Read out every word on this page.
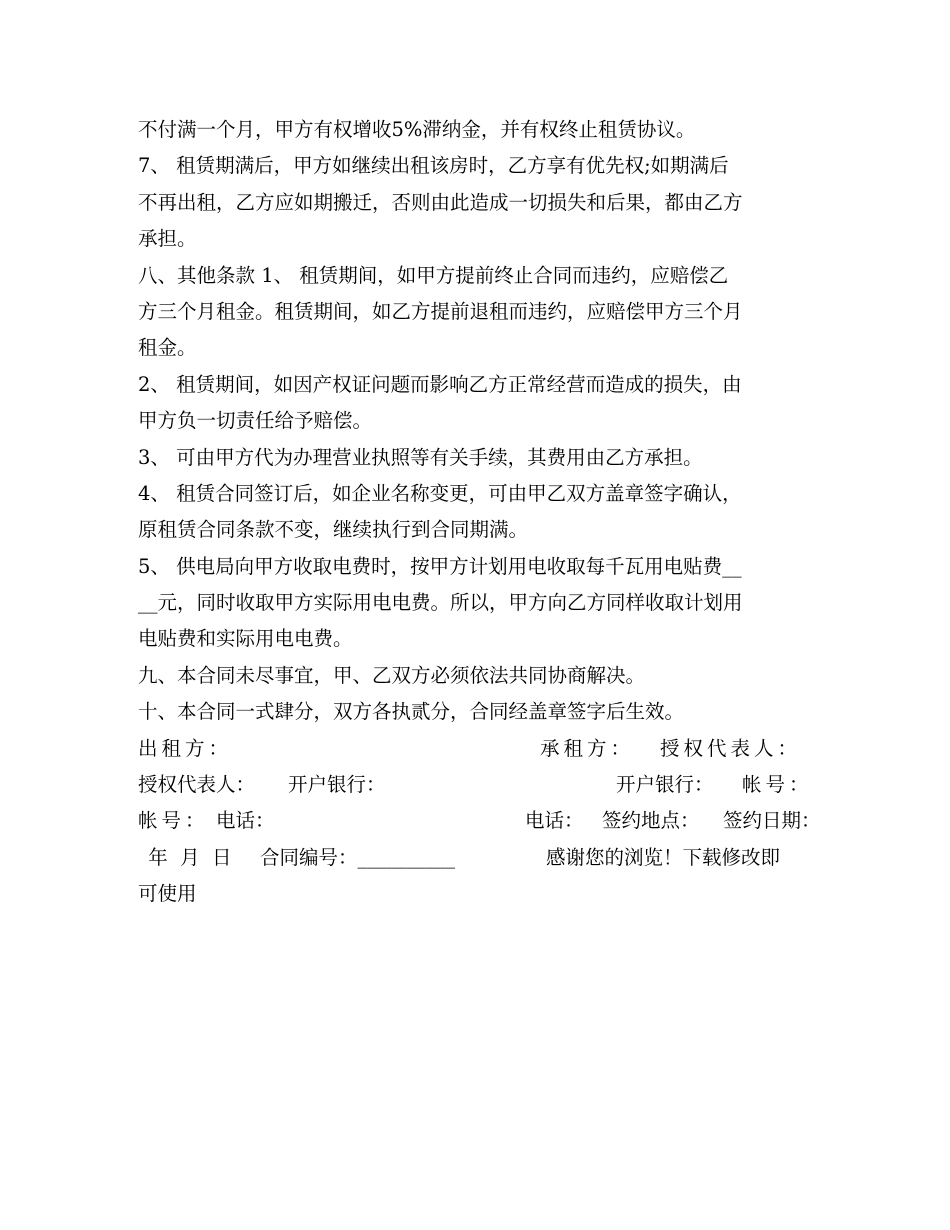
不付满一个月，甲方有权增收5%滞纳金，并有权终止租赁协议。
7、 租赁期满后，甲方如继续出租该房时，乙方享有优先权;如期满后
不再出租，乙方应如期搬迁，否则由此造成一切损失和后果，都由乙方
承担。
八、其他条款 1、 租赁期间，如甲方提前终止合同而违约，应赔偿乙
方三个月租金。租赁期间，如乙方提前退租而违约，应赔偿甲方三个月
租金。
2、 租赁期间，如因产权证问题而影响乙方正常经营而造成的损失，由
甲方负一切责任给予赔偿。
3、 可由甲方代为办理营业执照等有关手续，其费用由乙方承担。
4、 租赁合同签订后，如企业名称变更，可由甲乙双方盖章签字确认，
原租赁合同条款不变，继续执行到合同期满。
5、 供电局向甲方收取电费时，按甲方计划用电收取每千瓦用电贴费__
__元，同时收取甲方实际用电电费。所以，甲方向乙方同样收取计划用
电贴费和实际用电电费。
九、本合同未尽事宜，甲、乙双方必须依法共同协商解决。
十、本合同一式肆分，双方各执贰分，合同经盖章签字后生效。
出租方：	承租方： 授权代表人：
授权代表人： 开户银行：	开户银行： 帐号：
帐号： 电话：	电话： 签约地点： 签约日期：
年  月  日 合同编号：__________	感谢您的浏览！下载修改即
可使用
